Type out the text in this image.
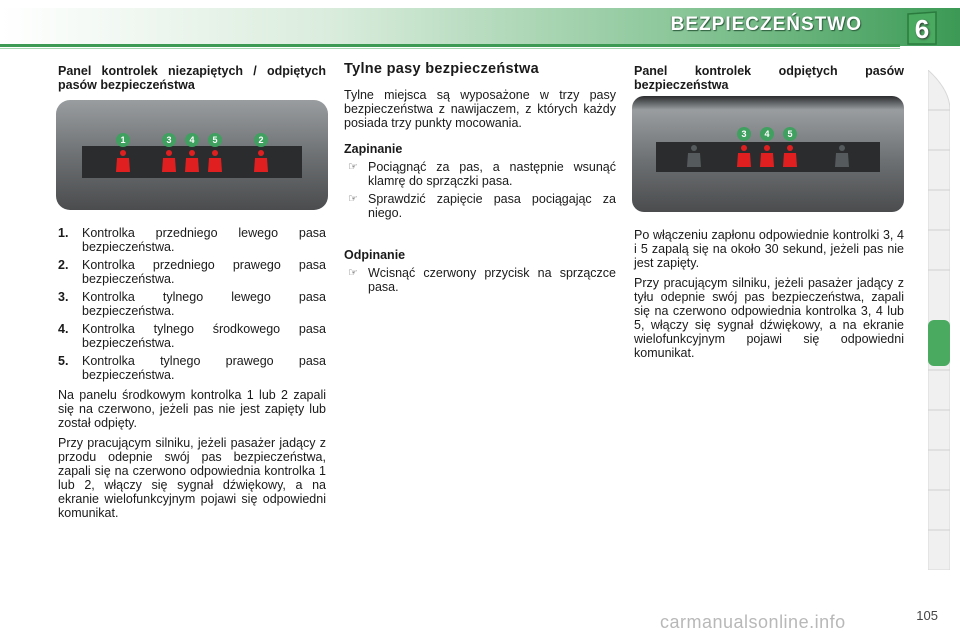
BEZPIECZEŃSTWO	6

Panel kontrolek niezapiętych / odpiętych pasów bezpieczeństwa

1	3 4 5	2
1. Kontrolka przedniego lewego pasa bezpieczeństwa.
2. Kontrolka przedniego prawego pasa bezpieczeństwa.
3. Kontrolka tylnego lewego pasa bezpieczeństwa.
4. Kontrolka tylnego środkowego pasa bezpieczeństwa.
5. Kontrolka tylnego prawego pasa bezpieczeństwa.

Na panelu środkowym kontrolka 1 lub 2 zapali się na czerwono, jeżeli pas nie jest zapięty lub został odpięty.

Przy pracującym silniku, jeżeli pasażer jadący z przodu odepnie swój pas bezpieczeństwa, zapali się na czerwono odpowiednia kontrolka 1 lub 2, włączy się sygnał dźwiękowy, a na ekranie wielofunkcyjnym pojawi się odpowiedni komunikat.

Tylne pasy bezpieczeństwa

Tylne miejsca są wyposażone w trzy pasy bezpieczeństwa z nawijaczem, z których każdy posiada trzy punkty mocowania.

Zapinanie

☞ Pociągnąć za pas, a następnie wsunąć klamrę do sprzączki pasa.
☞ Sprawdzić zapięcie pasa pociągając za niego.

Odpinanie

☞ Wcisnąć czerwony przycisk na sprzączce pasa.

Panel kontrolek odpiętych pasów bezpieczeństwa

3 4 5

Po włączeniu zapłonu odpowiednie kontrolki 3, 4 i 5 zapalą się na około 30 sekund, jeżeli pas nie jest zapięty.

Przy pracującym silniku, jeżeli pasażer jadący z tyłu odepnie swój pas bezpieczeństwa, zapali się na czerwono odpowiednia kontrolka 3, 4 lub 5, włączy się sygnał dźwiękowy, a na ekranie wielofunkcyjnym pojawi się odpowiedni komunikat.

carmanualsonline.info	105
